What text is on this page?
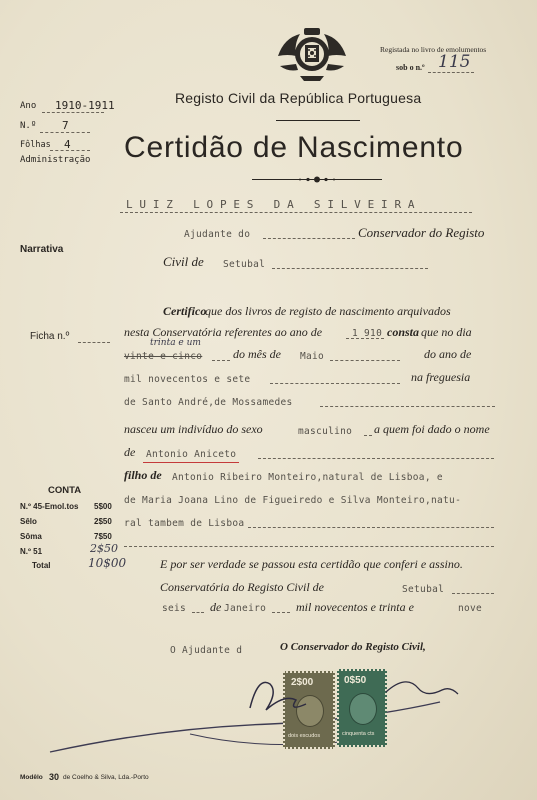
Registada no livro de emolumentos
sob o n.º 115
Registo Civil da República Portuguesa
Certidão de Nascimento
Ano 1910-1911
N.º 7
Fôlhas 4
Administração
Narrativa
Ficha n.º
LUIZ LOPES DA SILVEIRA
Ajudante do	Conservador do Registo
Civil de Setubal
Certifico
que dos livros de registo de nascimento arquivados
nesta Conservatória referentes ao ano de	1 910 consta que no dia
trinta e um
vinte e cinco	do mês de Maio	do ano de
mil novecentos e sete	na freguesia
de Santo André,de Mossamedes
nasceu um indivíduo do sexo	masculino a quem foi dado o nome
de Antonio Aniceto
filho de Antonio Ribeiro Monteiro,natural de Lisboa, e
de Maria Joana Lino de Figueiredo e Silva Monteiro,natu-
ral tambem de Lisboa
E por ser verdade se passou esta certidão que conferi e assino.
Conservatória do Registo Civil de	Setubal
seis de Janeiro mil novecentos e trinta e	nove
O Ajudante d	O Conservador do Registo Civil,
CONTA
N.º 45-Emol.tos 5$00
Sêlo	2$50
Sôma	7$50
N.º 51	2$50
Total	10$00
2$00
dois escudos
0$50
cinquenta cts
Modêlo 30 de Coelho & Silva, Lda.-Porto
